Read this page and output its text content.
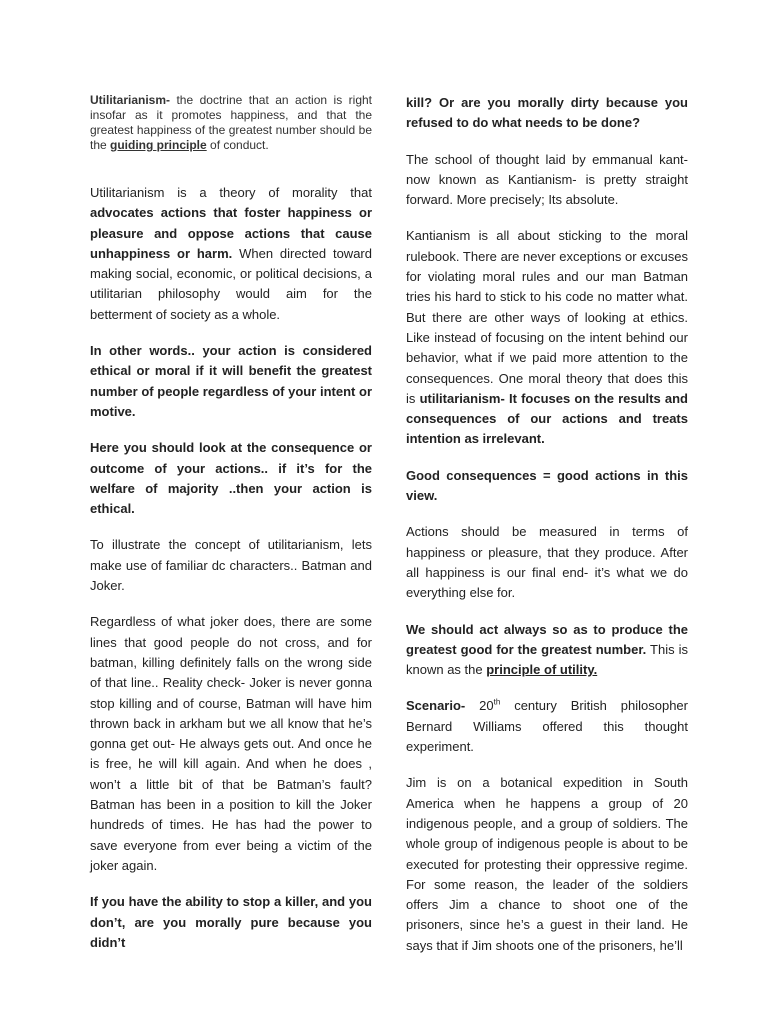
Utilitarianism- the doctrine that an action is right insofar as it promotes happiness, and that the greatest happiness of the greatest number should be the guiding principle of conduct.

Utilitarianism is a theory of morality that advocates actions that foster happiness or pleasure and oppose actions that cause unhappiness or harm. When directed toward making social, economic, or political decisions, a utilitarian philosophy would aim for the betterment of society as a whole.

In other words.. your action is considered ethical or moral if it will benefit the greatest number of people regardless of your intent or motive.

Here you should look at the consequence or outcome of your actions.. if it’s for the welfare of majority ..then your action is ethical.

To illustrate the concept of utilitarianism, lets make use of familiar dc characters.. Batman and Joker.

Regardless of what joker does, there are some lines that good people do not cross, and for batman, killing definitely falls on the wrong side of that line.. Reality check- Joker is never gonna stop killing and of course, Batman will have him thrown back in arkham but we all know that he’s gonna get out- He always gets out. And once he is free, he will kill again. And when he does , won’t a little bit of that be Batman’s fault? Batman has been in a position to kill the Joker hundreds of times. He has had the power to save everyone from ever being a victim of the joker again.

If you have the ability to stop a killer, and you don’t, are you morally pure because you didn’t

kill? Or are you morally dirty because you refused to do what needs to be done?

The school of thought laid by emmanual kant- now known as Kantianism- is pretty straight forward. More precisely; Its absolute.

Kantianism is all about sticking to the moral rulebook. There are never exceptions or excuses for violating moral rules and our man Batman tries his hard to stick to his code no matter what. But there are other ways of looking at ethics. Like instead of focusing on the intent behind our behavior, what if we paid more attention to the consequences. One moral theory that does this is utilitarianism- It focuses on the results and consequences of our actions and treats intention as irrelevant.

Good consequences = good actions in this view.

Actions should be measured in terms of happiness or pleasure, that they produce. After all happiness is our final end- it’s what we do everything else for.

We should act always so as to produce the greatest good for the greatest number. This is known as the principle of utility.

Scenario- 20th century British philosopher Bernard Williams offered this thought experiment.

Jim is on a botanical expedition in South America when he happens a group of 20 indigenous people, and a group of soldiers. The whole group of indigenous people is about to be executed for protesting their oppressive regime. For some reason, the leader of the soldiers offers Jim a chance to shoot one of the prisoners, since he’s a guest in their land. He says that if Jim shoots one of the prisoners, he’ll
